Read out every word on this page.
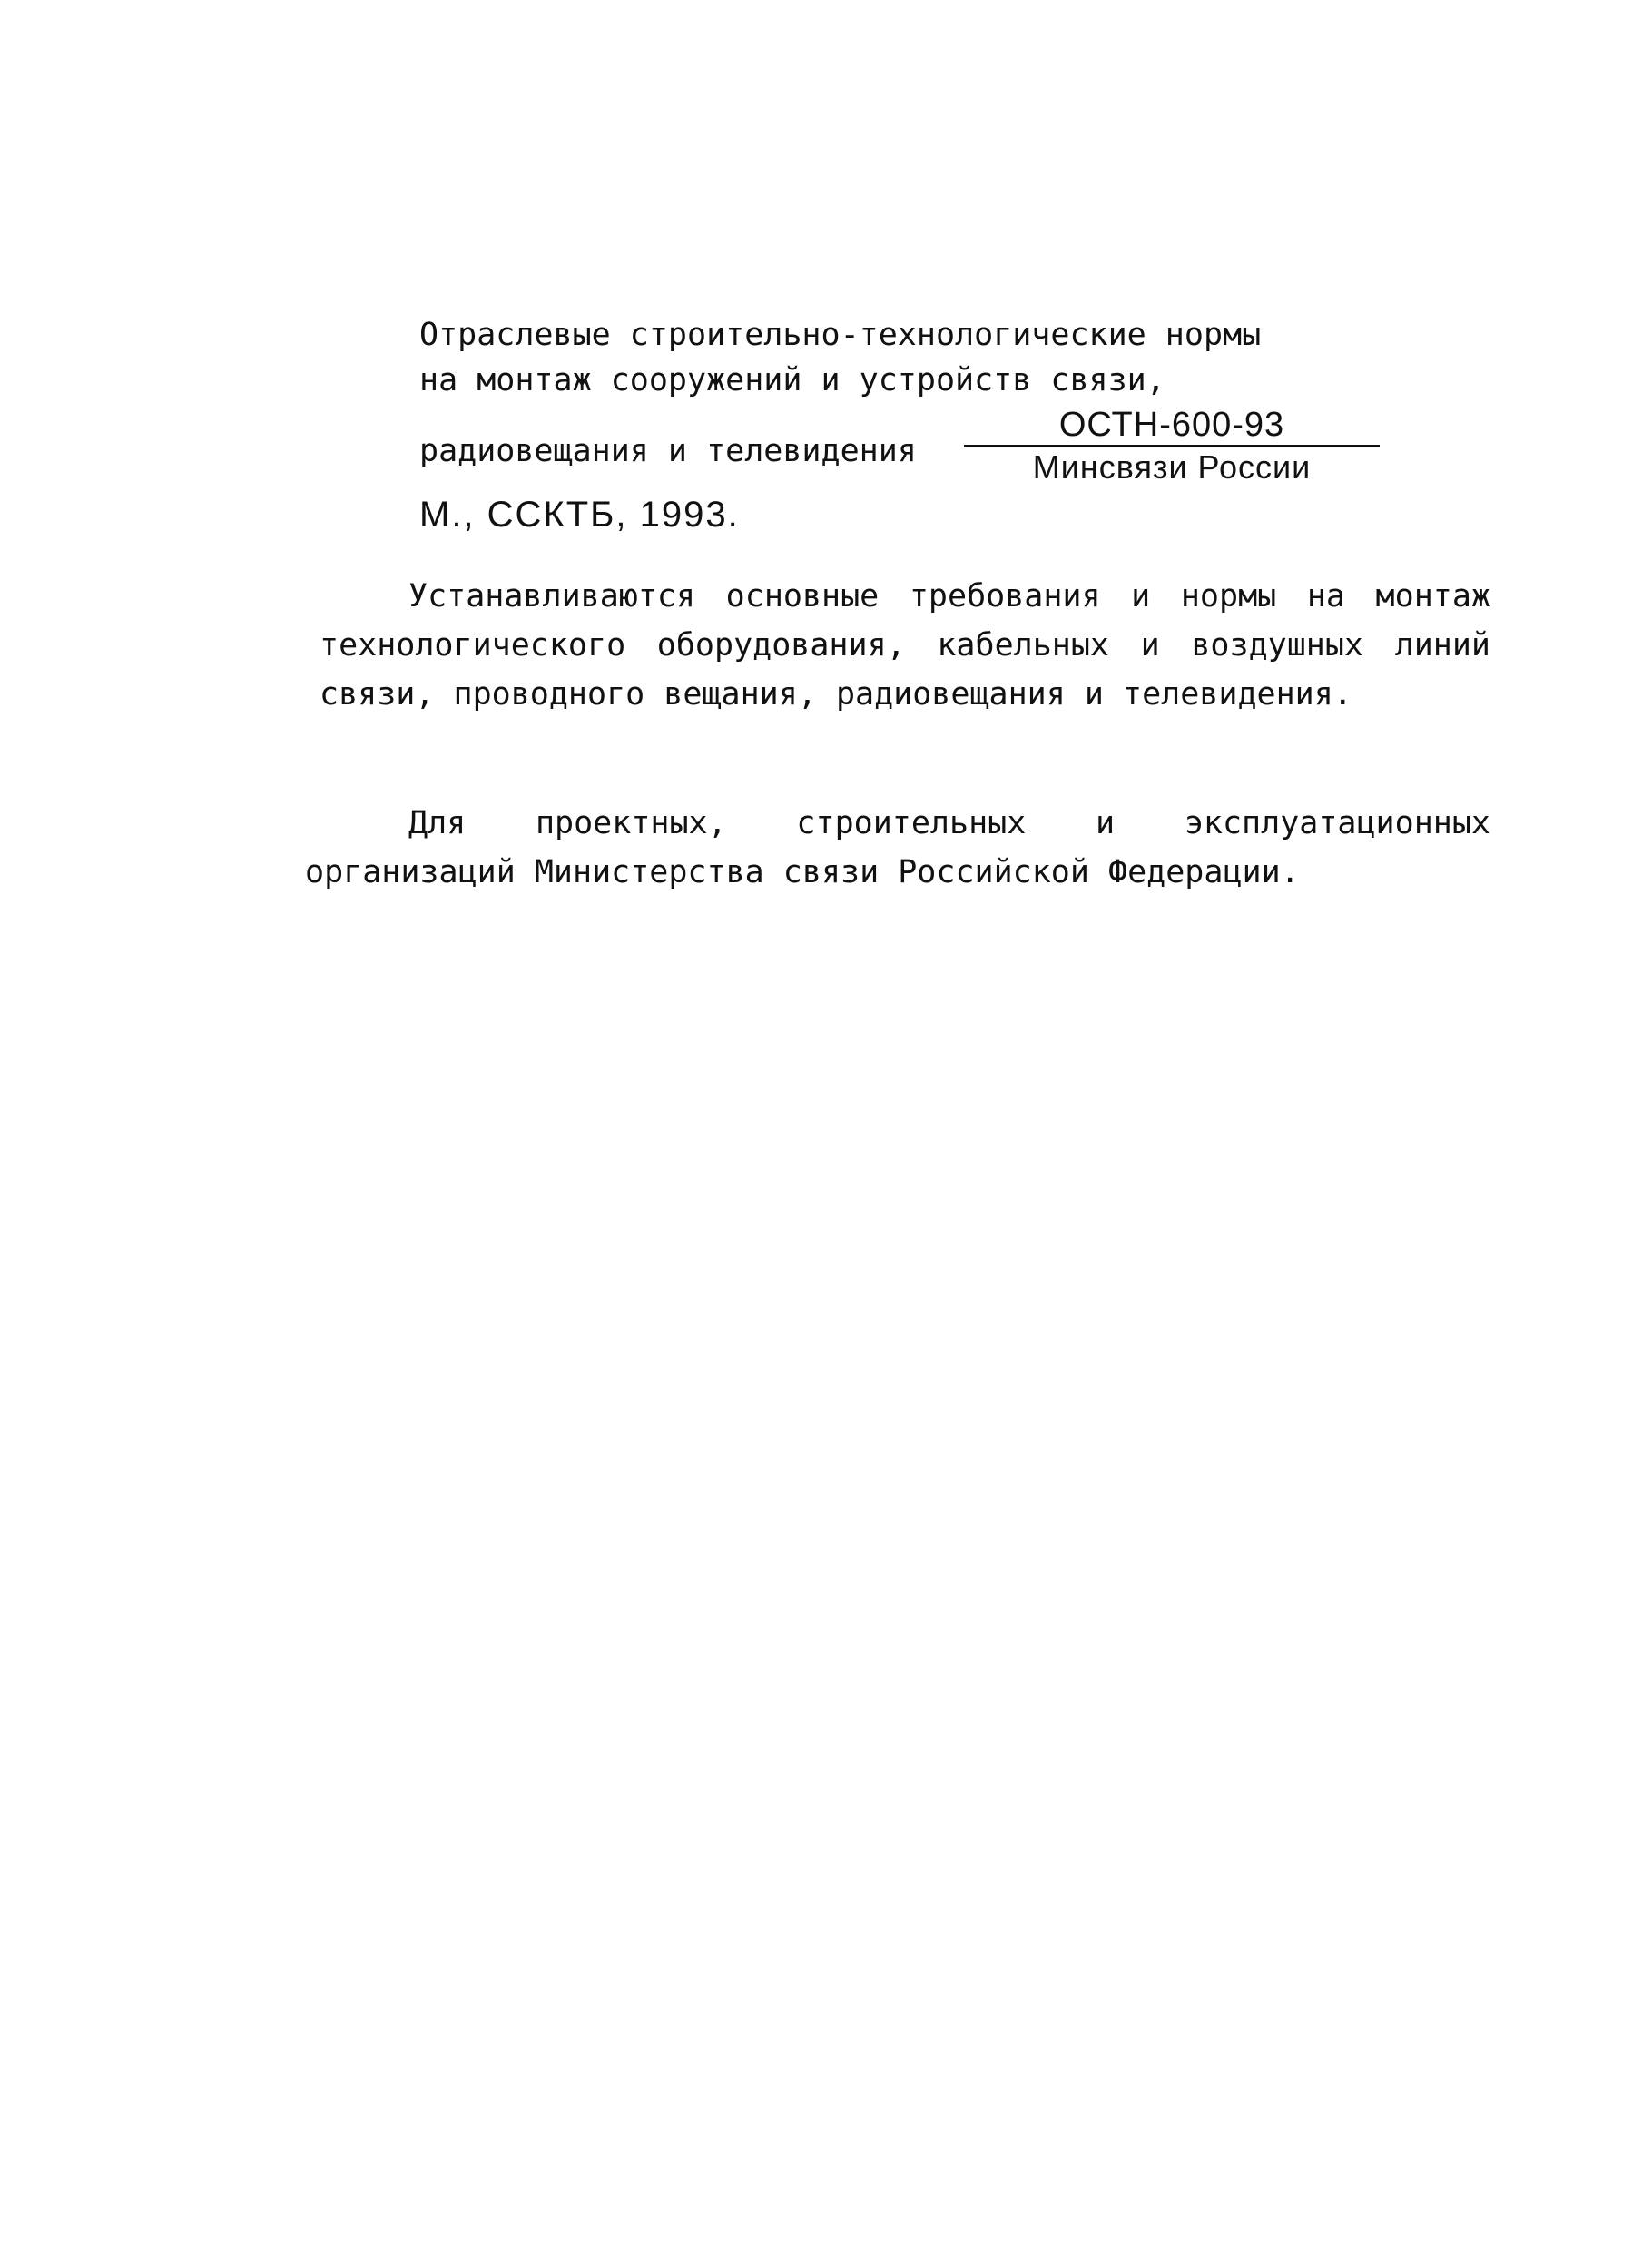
Отраслевые строительно-технологические нормы
на монтаж сооружений и устройств связи,
радиовещания и телевидения
ОСТН-600-93
Минсвязи России
М., ССКТБ, 1993.
Устанавливаются основные требования и нормы на монтаж технологического оборудования, кабельных и воздушных линий связи, проводного вещания, радиовещания и телевидения.
Для проектных, строительных и эксплуатационных организаций Министерства связи Российской Федерации.
